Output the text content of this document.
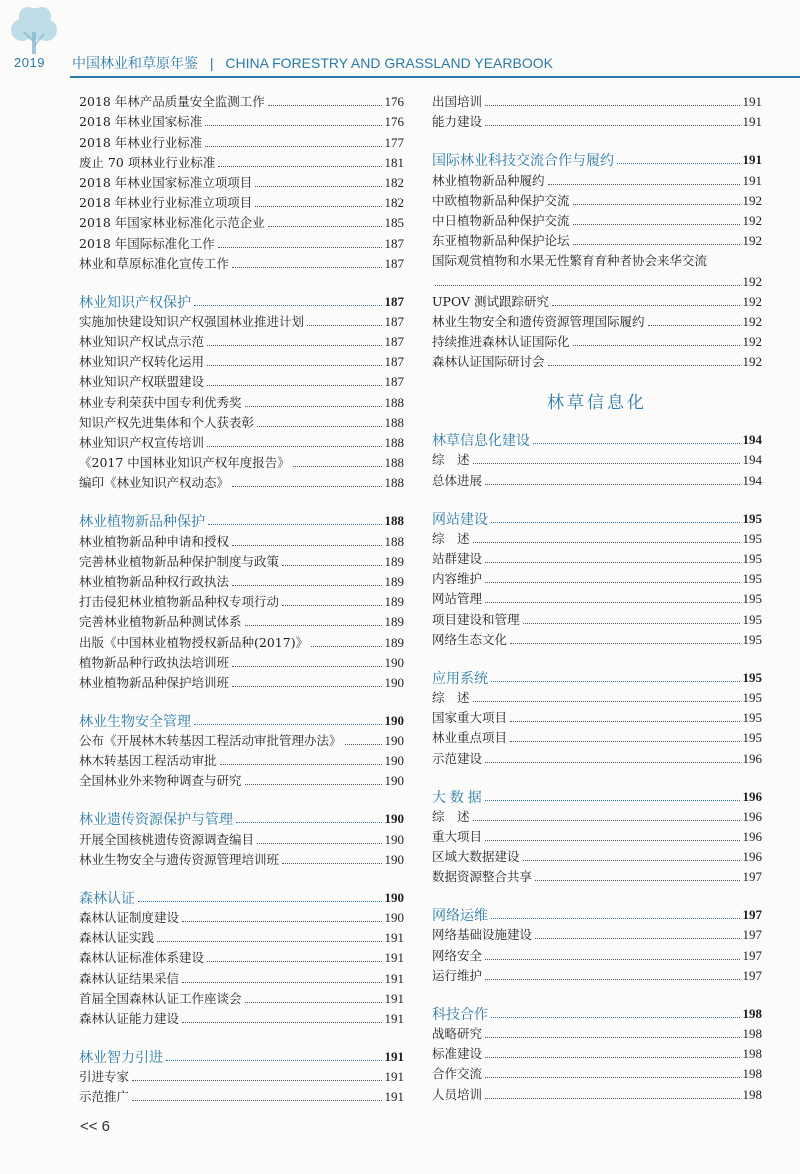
2019 中国林业和草原年鉴 | CHINA FORESTRY AND GRASSLAND YEARBOOK
2018 年林产品质量安全监测工作	176
2018 年林业国家标准	176
2018 年林业行业标准	177
废止 70 项林业行业标准	181
2018 年林业国家标准立项项目	182
2018 年林业行业标准立项项目	182
2018 年国家林业标准化示范企业	185
2018 年国际标准化工作	187
林业和草原标准化宣传工作	187
林业知识产权保护	187
实施加快建设知识产权强国林业推进计划	187
林业知识产权试点示范	187
林业知识产权转化运用	187
林业知识产权联盟建设	187
林业专利荣获中国专利优秀奖	188
知识产权先进集体和个人获表彰	188
林业知识产权宣传培训	188
《2017 中国林业知识产权年度报告》	188
编印《林业知识产权动态》	188
林业植物新品种保护	188
林业植物新品种申请和授权	188
完善林业植物新品种保护制度与政策	189
林业植物新品种权行政执法	189
打击侵犯林业植物新品种权专项行动	189
完善林业植物新品种测试体系	189
出版《中国林业植物授权新品种(2017)》	189
植物新品种行政执法培训班	190
林业植物新品种保护培训班	190
林业生物安全管理	190
公布《开展林木转基因工程活动审批管理办法》	190
林木转基因工程活动审批	190
全国林业外来物种调查与研究	190
林业遗传资源保护与管理	190
开展全国核桃遗传资源调查编目	190
林业生物安全与遗传资源管理培训班	190
森林认证	190
森林认证制度建设	190
森林认证实践	191
森林认证标准体系建设	191
森林认证结果采信	191
首届全国森林认证工作座谈会	191
森林认证能力建设	191
林业智力引进	191
引进专家	191
示范推广	191
出国培训	191
能力建设	191
国际林业科技交流合作与履约	191
林业植物新品种履约	191
中欧植物新品种保护交流	192
中日植物新品种保护交流	192
东亚植物新品种保护论坛	192
国际观赏植物和水果无性繁育育种者协会来华交流
192
UPOV 测试跟踪研究	192
林业生物安全和遗传资源管理国际履约	192
持续推进森林认证国际化	192
森林认证国际研讨会	192
林草信息化
林草信息化建设	194
综　述	194
总体进展	194
网站建设	195
综　述	195
站群建设	195
内容维护	195
网站管理	195
项目建设和管理	195
网络生态文化	195
应用系统	195
综　述	195
国家重大项目	195
林业重点项目	195
示范建设	196
大 数 据	196
综　述	196
重大项目	196
区域大数据建设	196
数据资源整合共享	197
网络运维	197
网络基础设施建设	197
网络安全	197
运行维护	197
科技合作	198
战略研究	198
标准建设	198
合作交流	198
人员培训	198
<< 6
